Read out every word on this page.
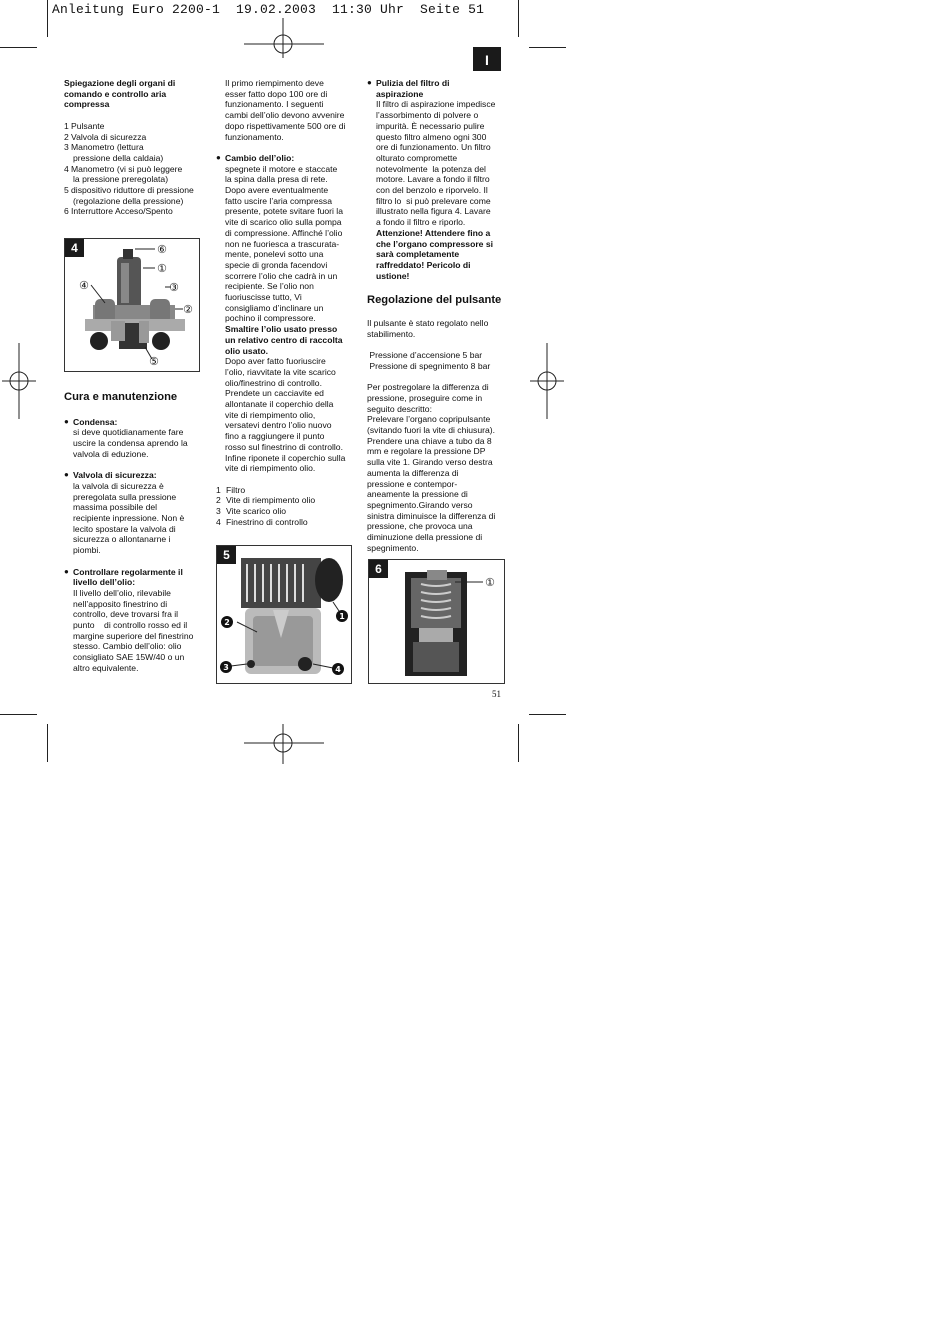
Anleitung Euro 2200-1  19.02.2003  11:30 Uhr  Seite 51
I

Spiegazione degli organi di

comando e controllo aria

compressa

1 Pulsante
2 Valvola di sicurezza
3 Manometro (lettura

pressione della caldaia)

4 Manometro (vi si può leggere

la pressione preregolata)

5 dispositivo riduttore di pressione

(regolazione della pressione)

6 Interruttore Acceso/Spento
4	⑥
①
④	③
②
⑤

Cura e manutenzione

● Condensa:

si deve quotidianamente fare

uscire la condensa aprendo la

valvola di eduzione.

● Valvola di sicurezza:

la valvola di sicurezza è

preregolata sulla pressione

massima possibile del

recipiente inpressione. Non è

lecito spostare la valvola di

sicurezza o allontanarne i

piombi.

● Controllare regolarmente il

livello dell’olio:

Il livello dell’olio, rilevabile

nell’apposito finestrino di

controllo, deve trovarsi fra il

punto    di controllo rosso ed il

margine superiore del finestrino

stesso. Cambio dell’olio: olio

consigliato SAE 15W/40 o un

altro equivalente.

Il primo riempimento deve

esser fatto dopo 100 ore di

funzionamento. I seguenti

cambi dell’olio devono avvenire

dopo rispettivamente 500 ore di

funzionamento.

● Cambio dell’olio:

spegnete il motore e staccate

la spina dalla presa di rete.

Dopo avere eventualmente

fatto uscire l’aria compressa

presente, potete svitare fuori la

vite di scarico olio sulla pompa

di compressione. Affinché l’olio

non ne fuoriesca a trascurata-

mente, ponelevi sotto una

specie di gronda facendovi

scorrere l’olio che cadrà in un

recipiente. Se l’olio non

fuoriuscisse tutto, Vi

consigliamo d’inclinare un

pochino il compressore.

Smaltire l’olio usato presso

un relativo centro di raccolta

olio usato.

Dopo aver fatto fuoriuscire

l’olio, riavvitate la vite scarico

olio/finestrino di controllo.

Prendete un cacciavite ed

allontanate il coperchio della

vite di riempimento olio,

versatevi dentro l’olio nuovo

fino a raggiungere il punto

rosso sul finestrino di controllo.

Infine riponete il coperchio sulla

vite di riempimento olio.

1 Filtro
2 Vite di riempimento olio
3 Vite scarico olio
4 Finestrino di controllo
5
1
2
3	4

● Pulizia del filtro di

aspirazione

Il filtro di aspirazione impedisce

l’assorbimento di polvere o

impurità. È necessario pulire

questo filtro almeno ogni 300

ore di funzionamento. Un filtro

olturato compromette

notevolmente  la potenza del

motore. Lavare a fondo il filtro

con del benzolo e riporvelo. Il

filtro lo  si può prelevare come

illustrato nella figura 4. Lavare

a fondo il filtro e riporlo.

Attenzione! Attendere fino a

che l’organo compressore si

sarà completamente

raffreddato! Pericolo di

ustione!

Regolazione del pulsante

Il pulsante è stato regolato nello

stabilimento.

Pressione d’accensione 5 bar

Pressione di spegnimento 8 bar

Per postregolare la differenza di

pressione, proseguire come in

seguito descritto:

Prelevare l’organo copripulsante

(svitando fuori la vite di chiusura).

Prendere una chiave a tubo da 8

mm e regolare la pressione DP

sulla vite 1. Girando verso destra

aumenta la differenza di

pressione e contempor-

aneamente la pressione di

spegnimento.Girando verso

sinistra diminuisce la differenza di

pressione, che provoca una

diminuzione della pressione di

spegnimento.

6
①
51
